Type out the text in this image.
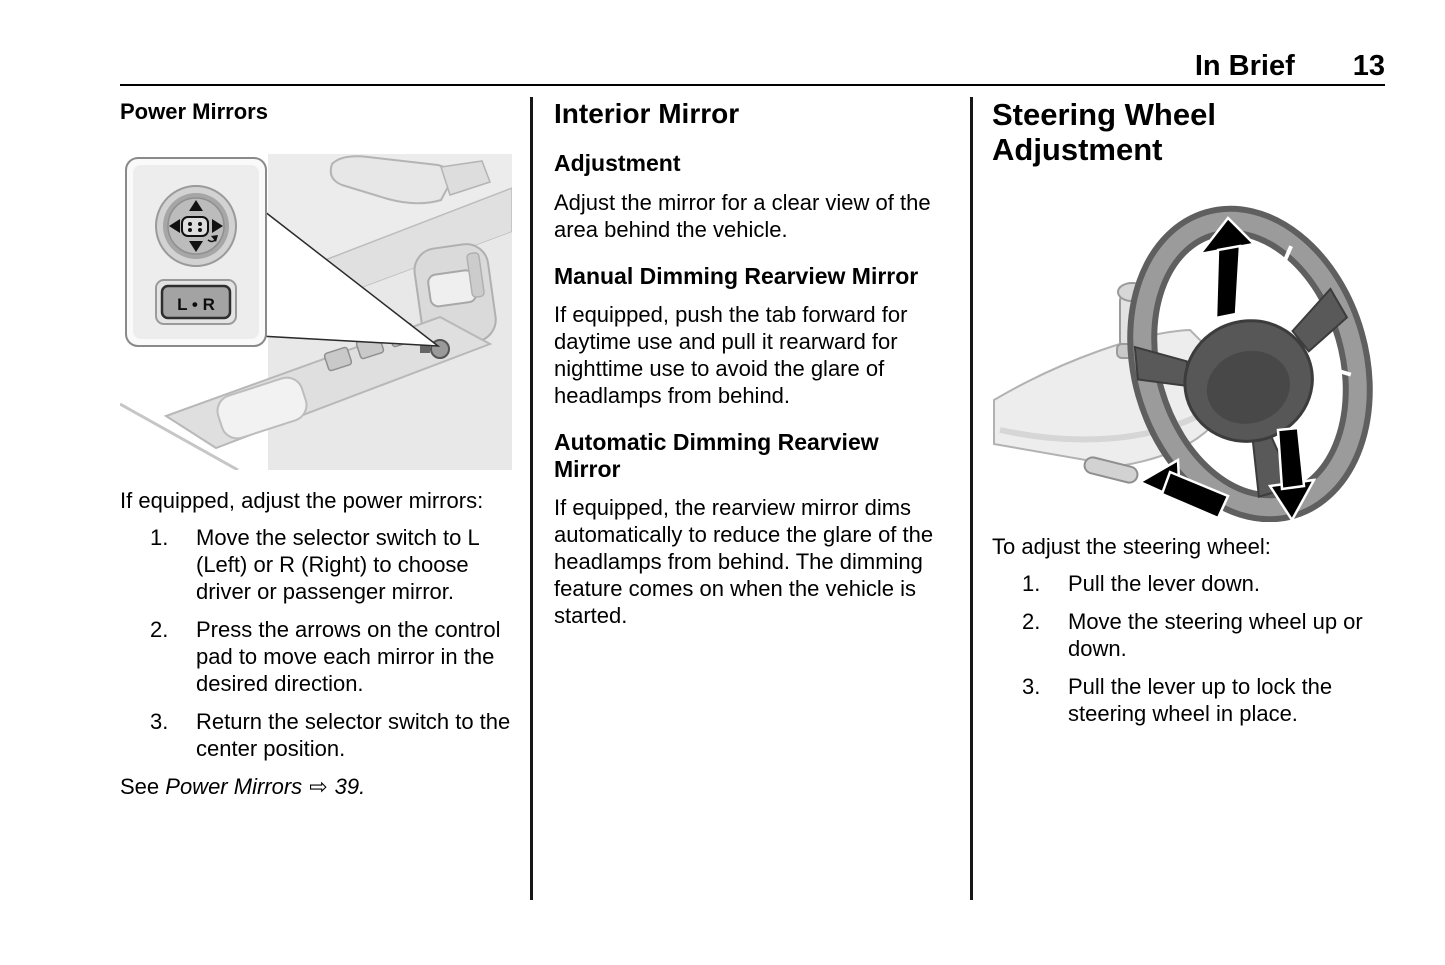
In Brief 13
Power Mirrors
L • R

If equipped, adjust the power mirrors:

1. Move the selector switch to L (Left) or R (Right) to choose driver or passenger mirror.
2. Press the arrows on the control pad to move each mirror in the desired direction.
3. Return the selector switch to the center position.

See Power Mirrors ⇨ 39.

Interior Mirror
Adjustment

Adjust the mirror for a clear view of the area behind the vehicle.

Manual Dimming Rearview Mirror

If equipped, push the tab forward for daytime use and pull it rearward for nighttime use to avoid the glare of headlamps from behind.

Automatic Dimming Rearview Mirror

If equipped, the rearview mirror dims automatically to reduce the glare of the headlamps from behind. The dimming feature comes on when the vehicle is started.

Steering Wheel Adjustment

To adjust the steering wheel:

1. Pull the lever down.
2. Move the steering wheel up or down.
3. Pull the lever up to lock the steering wheel in place.
